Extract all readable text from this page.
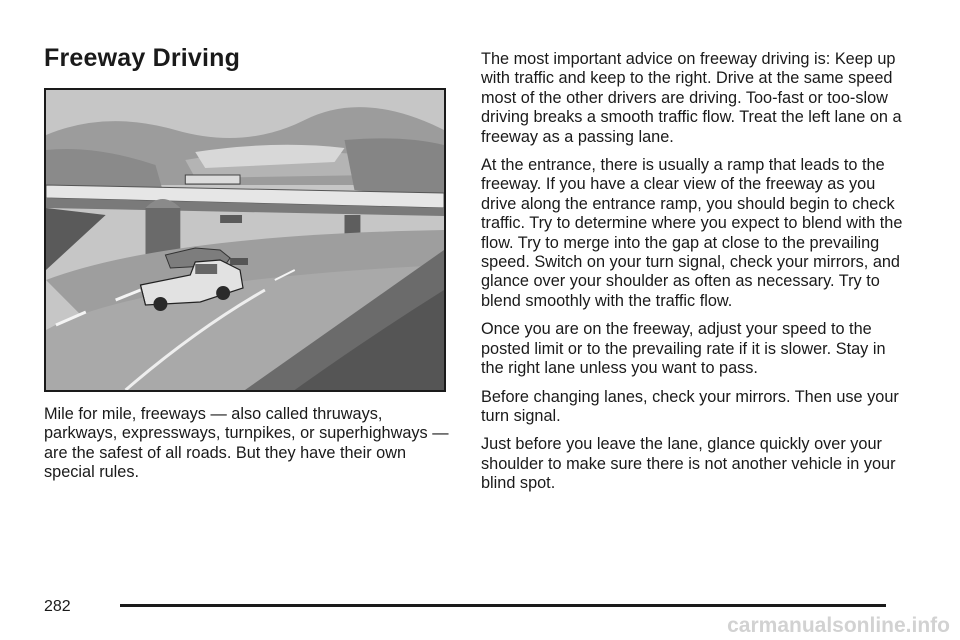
Freeway Driving

Mile for mile, freeways — also called thruways, parkways, expressways, turnpikes, or superhighways — are the safest of all roads. But they have their own special rules.

The most important advice on freeway driving is: Keep up with traffic and keep to the right. Drive at the same speed most of the other drivers are driving. Too-fast or too-slow driving breaks a smooth traffic flow. Treat the left lane on a freeway as a passing lane.

At the entrance, there is usually a ramp that leads to the freeway. If you have a clear view of the freeway as you drive along the entrance ramp, you should begin to check traffic. Try to determine where you expect to blend with the flow. Try to merge into the gap at close to the prevailing speed. Switch on your turn signal, check your mirrors, and glance over your shoulder as often as necessary. Try to blend smoothly with the traffic flow.

Once you are on the freeway, adjust your speed to the posted limit or to the prevailing rate if it is slower. Stay in the right lane unless you want to pass.

Before changing lanes, check your mirrors. Then use your turn signal.

Just before you leave the lane, glance quickly over your shoulder to make sure there is not another vehicle in your blind spot.

282
carmanualsonline.info
